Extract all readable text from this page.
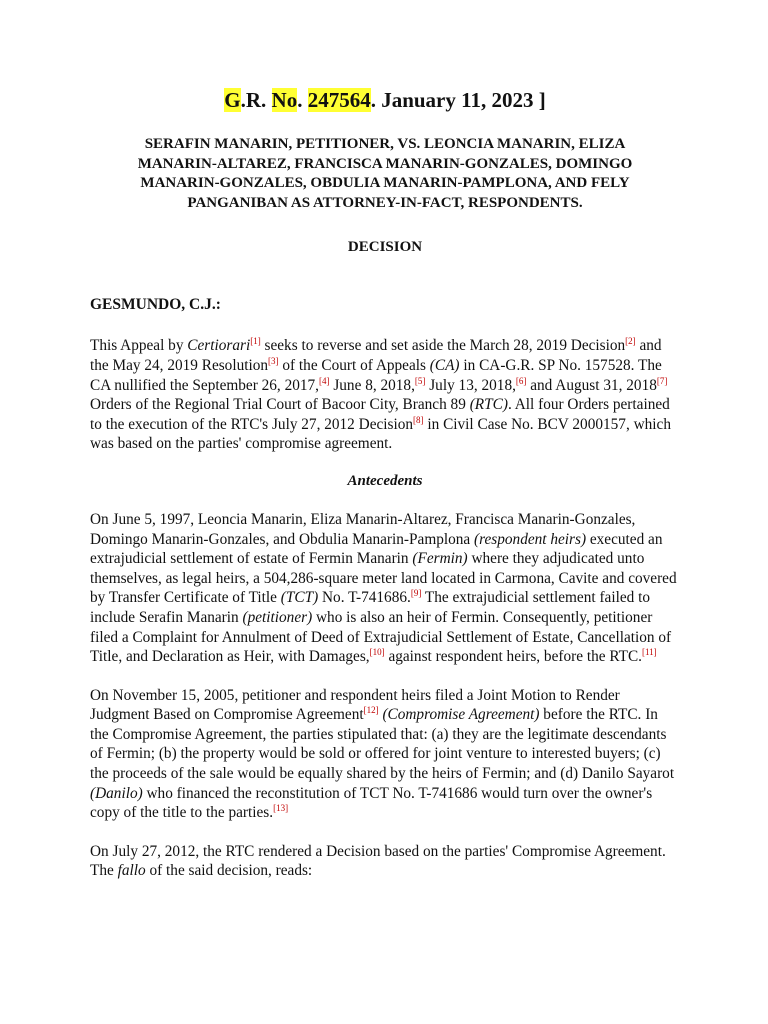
G.R. No. 247564. January 11, 2023 ]
SERAFIN MANARIN, PETITIONER, VS. LEONCIA MANARIN, ELIZA
MANARIN-ALTAREZ, FRANCISCA MANARIN-GONZALES, DOMINGO
MANARIN-GONZALES, OBDULIA MANARIN-PAMPLONA, AND FELY
PANGANIBAN AS ATTORNEY-IN-FACT, RESPONDENTS.
DECISION
GESMUNDO, C.J.:

This Appeal by Certiorari[1] seeks to reverse and set aside the March 28, 2019 Decision[2] and the May 24, 2019 Resolution[3] of the Court of Appeals (CA) in CA-G.R. SP No. 157528. The CA nullified the September 26, 2017,[4] June 8, 2018,[5] July 13, 2018,[6] and August 31, 2018[7] Orders of the Regional Trial Court of Bacoor City, Branch 89 (RTC). All four Orders pertained to the execution of the RTC's July 27, 2012 Decision[8] in Civil Case No. BCV 2000157, which was based on the parties' compromise agreement.

Antecedents

On June 5, 1997, Leoncia Manarin, Eliza Manarin-Altarez, Francisca Manarin-Gonzales, Domingo Manarin-Gonzales, and Obdulia Manarin-Pamplona (respondent heirs) executed an extrajudicial settlement of estate of Fermin Manarin (Fermin) where they adjudicated unto themselves, as legal heirs, a 504,286-square meter land located in Carmona, Cavite and covered by Transfer Certificate of Title (TCT) No. T-741686.[9] The extrajudicial settlement failed to include Serafin Manarin (petitioner) who is also an heir of Fermin. Consequently, petitioner filed a Complaint for Annulment of Deed of Extrajudicial Settlement of Estate, Cancellation of Title, and Declaration as Heir, with Damages,[10] against respondent heirs, before the RTC.[11]

On November 15, 2005, petitioner and respondent heirs filed a Joint Motion to Render Judgment Based on Compromise Agreement[12] (Compromise Agreement) before the RTC. In the Compromise Agreement, the parties stipulated that: (a) they are the legitimate descendants of Fermin; (b) the property would be sold or offered for joint venture to interested buyers; (c) the proceeds of the sale would be equally shared by the heirs of Fermin; and (d) Danilo Sayarot (Danilo) who financed the reconstitution of TCT No. T-741686 would turn over the owner's copy of the title to the parties.[13]

On July 27, 2012, the RTC rendered a Decision based on the parties' Compromise Agreement. The fallo of the said decision, reads:
